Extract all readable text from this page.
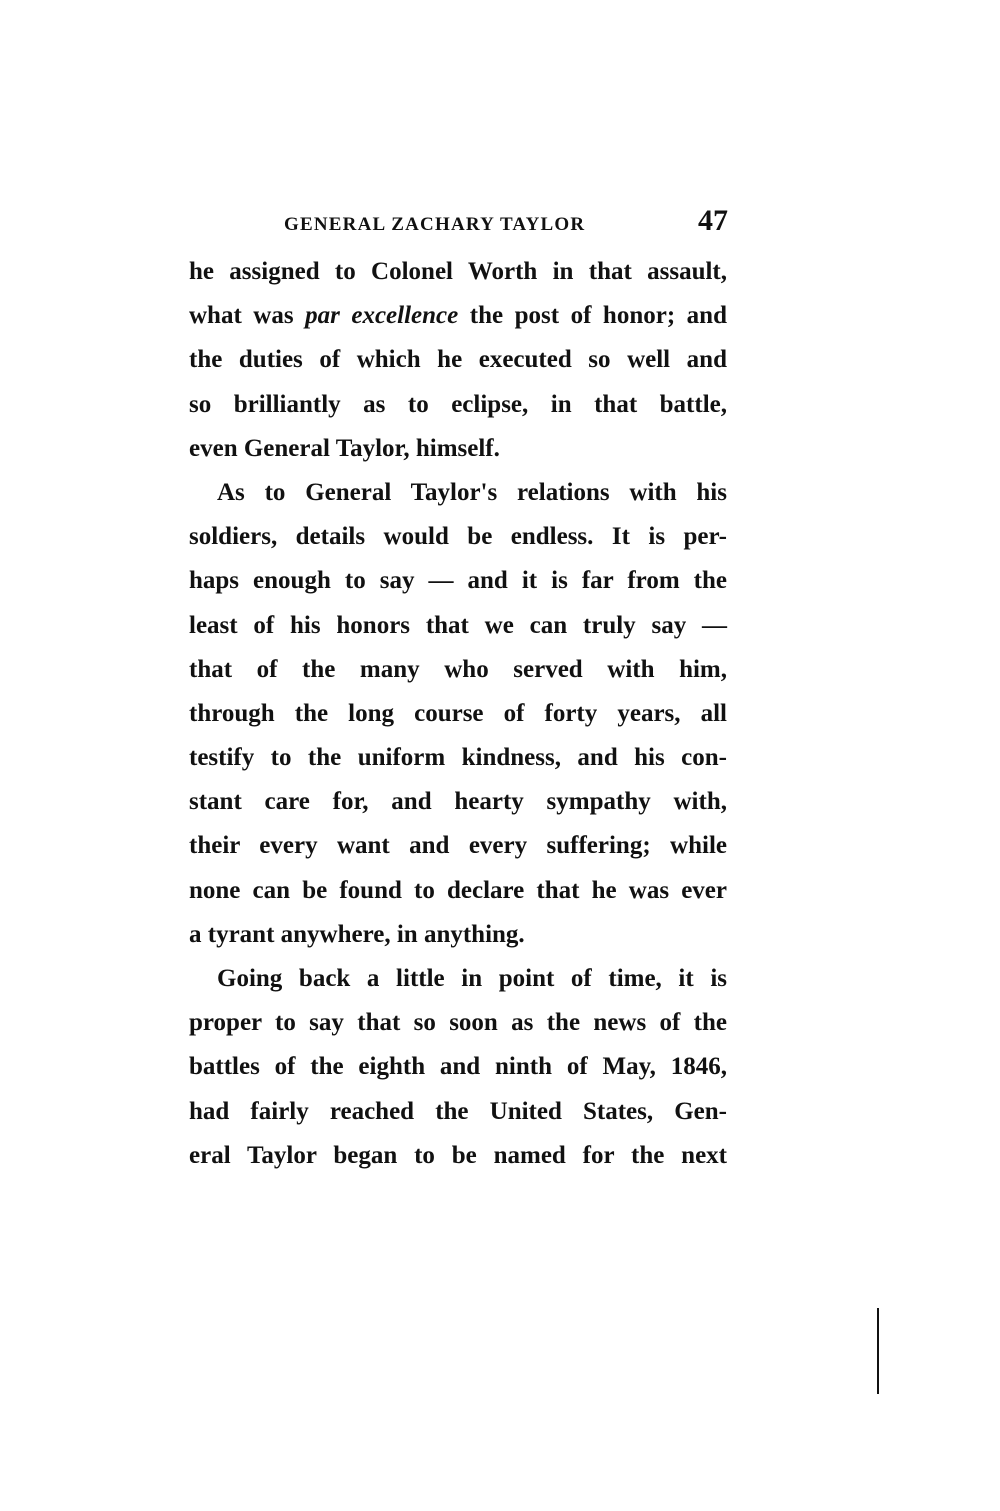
GENERAL ZACHARY TAYLOR	47
he assigned to Colonel Worth in that assault,
what was par excellence the post of honor; and
the duties of which he executed so well and
so brilliantly as to eclipse, in that battle,
even General Taylor, himself.
As to General Taylor's relations with his
soldiers, details would be endless. It is per-
haps enough to say — and it is far from the
least of his honors that we can truly say —
that of the many who served with him,
through the long course of forty years, all
testify to the uniform kindness, and his con-
stant care for, and hearty sympathy with,
their every want and every suffering; while
none can be found to declare that he was ever
a tyrant anywhere, in anything.
Going back a little in point of time, it is
proper to say that so soon as the news of the
battles of the eighth and ninth of May, 1846,
had fairly reached the United States, Gen-
eral Taylor began to be named for the next
